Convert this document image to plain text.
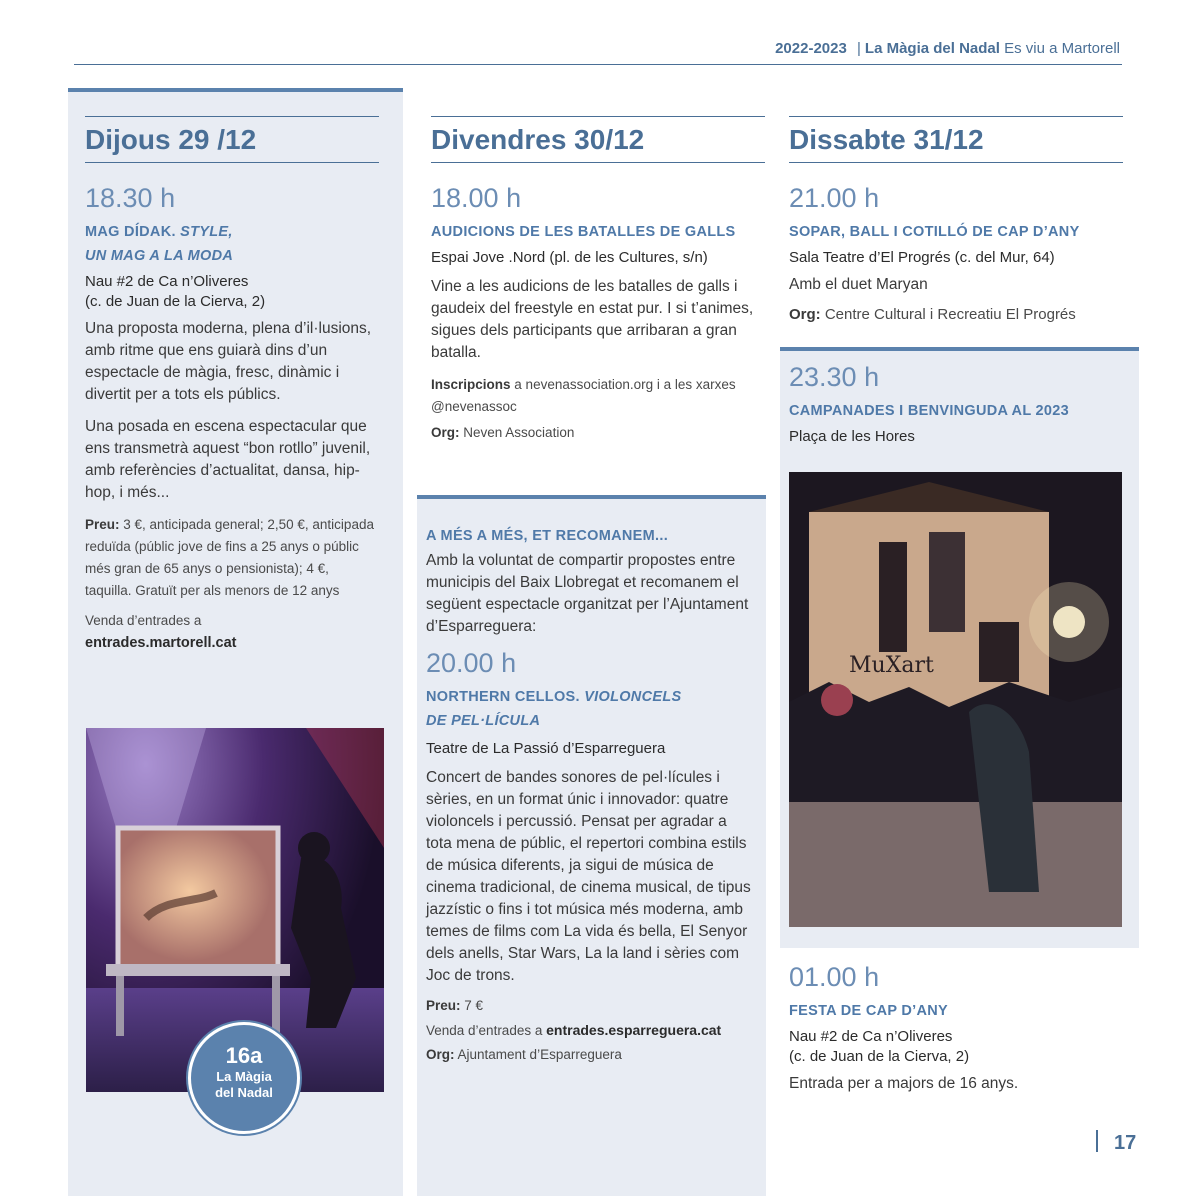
2022-2023 | La Màgia del Nadal Es viu a Martorell
Dijous 29 /12
18.30 h
MAG DÍDAK. STYLE,
UN MAG A LA MODA
Nau #2 de Ca n’Oliveres
(c. de Juan de la Cierva, 2)
Una proposta moderna, plena d’il·lusions, amb ritme que ens guiarà dins d’un espectacle de màgia, fresc, dinàmic i divertit per a tots els públics.
Una posada en escena espectacular que ens transmetrà aquest “bon rotllo” juvenil, amb referències d’actualitat, dansa, hip-hop, i més...
Preu: 3 €, anticipada general; 2,50 €, anticipada reduïda (públic jove de fins a 25 anys o públic més gran de 65 anys o pensionista); 4 €, taquilla. Gratuït per als menors de 12 anys
Venda d’entrades a
entrades.martorell.cat
16a
La Màgia
del Nadal
Divendres 30/12
18.00 h
AUDICIONS DE LES BATALLES DE GALLS
Espai Jove .Nord (pl. de les Cultures, s/n)
Vine a les audicions de les batalles de galls i gaudeix del freestyle en estat pur. I si t’animes, sigues dels participants que arribaran a gran batalla.
Inscripcions a nevenassociation.org i a les xarxes @nevenassoc
Org: Neven Association
A MÉS A MÉS, ET RECOMANEM...
Amb la voluntat de compartir propostes entre municipis del Baix Llobregat et recomanem el següent espectacle organitzat per l’Ajuntament d’Esparreguera:
20.00 h
NORTHERN CELLOS. VIOLONCELS
DE PEL·LÍCULA
Teatre de La Passió d’Esparreguera
Concert de bandes sonores de pel·lícules i sèries, en un format únic i innovador: quatre violoncels i percussió. Pensat per agradar a tota mena de públic, el repertori combina estils de música diferents, ja sigui de música de cinema tradicional, de cinema musical, de tipus jazzístic o fins i tot música més moderna, amb temes de films com La vida és bella, El Senyor dels anells, Star Wars, La la land i sèries com Joc de trons.
Preu: 7 €
Venda d’entrades a entrades.esparreguera.cat
Org: Ajuntament d’Esparreguera
Dissabte 31/12
21.00 h
SOPAR, BALL I COTILLÓ DE CAP D’ANY
Sala Teatre d’El Progrés (c. del Mur, 64)
Amb el duet Maryan
Org: Centre Cultural i Recreatiu El Progrés
23.30 h
CAMPANADES I BENVINGUDA AL 2023
Plaça de les Hores
MuXart
01.00 h
FESTA DE CAP D’ANY
Nau #2 de Ca n’Oliveres
(c. de Juan de la Cierva, 2)
Entrada per a majors de 16 anys.
17
